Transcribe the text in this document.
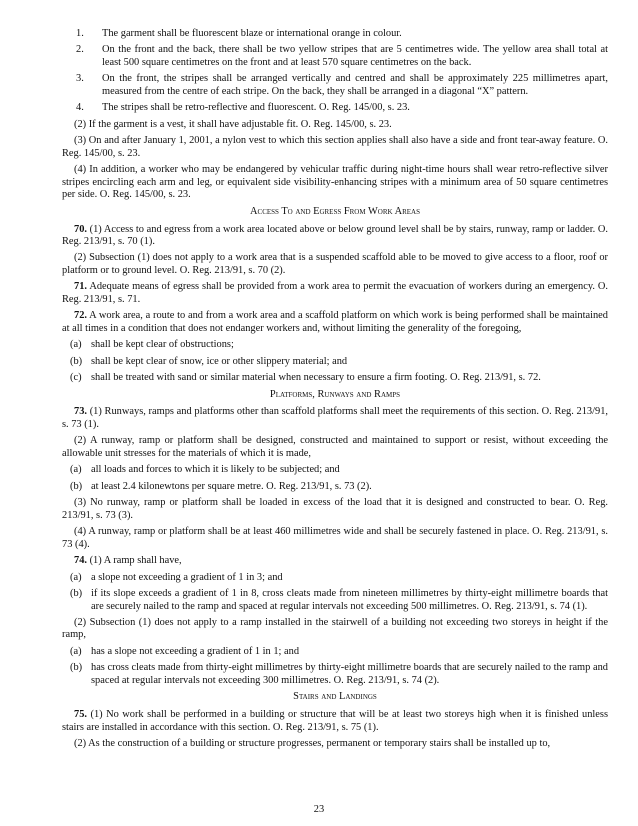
1. The garment shall be fluorescent blaze or international orange in colour.
2. On the front and the back, there shall be two yellow stripes that are 5 centimetres wide. The yellow area shall total at least 500 square centimetres on the front and at least 570 square centimetres on the back.
3. On the front, the stripes shall be arranged vertically and centred and shall be approximately 225 millimetres apart, measured from the centre of each stripe. On the back, they shall be arranged in a diagonal “X” pattern.
4. The stripes shall be retro-reflective and fluorescent. O. Reg. 145/00, s. 23.

(2) If the garment is a vest, it shall have adjustable fit. O. Reg. 145/00, s. 23.

(3) On and after January 1, 2001, a nylon vest to which this section applies shall also have a side and front tear-away feature. O. Reg. 145/00, s. 23.

(4) In addition, a worker who may be endangered by vehicular traffic during night-time hours shall wear retro-reflective silver stripes encircling each arm and leg, or equivalent side visibility-enhancing stripes with a minimum area of 50 square centimetres per side. O. Reg. 145/00, s. 23.

Access To and Egress From Work Areas

70. (1) Access to and egress from a work area located above or below ground level shall be by stairs, runway, ramp or ladder. O. Reg. 213/91, s. 70 (1).

(2) Subsection (1) does not apply to a work area that is a suspended scaffold able to be moved to give access to a floor, roof or platform or to ground level. O. Reg. 213/91, s. 70 (2).

71. Adequate means of egress shall be provided from a work area to permit the evacuation of workers during an emergency. O. Reg. 213/91, s. 71.

72. A work area, a route to and from a work area and a scaffold platform on which work is being performed shall be maintained at all times in a condition that does not endanger workers and, without limiting the generality of the foregoing,

(a) shall be kept clear of obstructions;
(b) shall be kept clear of snow, ice or other slippery material; and
(c) shall be treated with sand or similar material when necessary to ensure a firm footing. O. Reg. 213/91, s. 72.
Platforms, Runways and Ramps

73. (1) Runways, ramps and platforms other than scaffold platforms shall meet the requirements of this section. O. Reg. 213/91, s. 73 (1).

(2) A runway, ramp or platform shall be designed, constructed and maintained to support or resist, without exceeding the allowable unit stresses for the materials of which it is made,

(a) all loads and forces to which it is likely to be subjected; and
(b) at least 2.4 kilonewtons per square metre. O. Reg. 213/91, s. 73 (2).

(3) No runway, ramp or platform shall be loaded in excess of the load that it is designed and constructed to bear. O. Reg. 213/91, s. 73 (3).

(4) A runway, ramp or platform shall be at least 460 millimetres wide and shall be securely fastened in place. O. Reg. 213/91, s. 73 (4).

74. (1) A ramp shall have,

(a) a slope not exceeding a gradient of 1 in 3; and
(b) if its slope exceeds a gradient of 1 in 8, cross cleats made from nineteen millimetres by thirty-eight millimetre boards that are securely nailed to the ramp and spaced at regular intervals not exceeding 500 millimetres. O. Reg. 213/91, s. 74 (1).

(2) Subsection (1) does not apply to a ramp installed in the stairwell of a building not exceeding two storeys in height if the ramp,

(a) has a slope not exceeding a gradient of 1 in 1; and
(b) has cross cleats made from thirty-eight millimetres by thirty-eight millimetre boards that are securely nailed to the ramp and spaced at regular intervals not exceeding 300 millimetres. O. Reg. 213/91, s. 74 (2).
Stairs and Landings

75. (1) No work shall be performed in a building or structure that will be at least two storeys high when it is finished unless stairs are installed in accordance with this section. O. Reg. 213/91, s. 75 (1).

(2) As the construction of a building or structure progresses, permanent or temporary stairs shall be installed up to,

23
